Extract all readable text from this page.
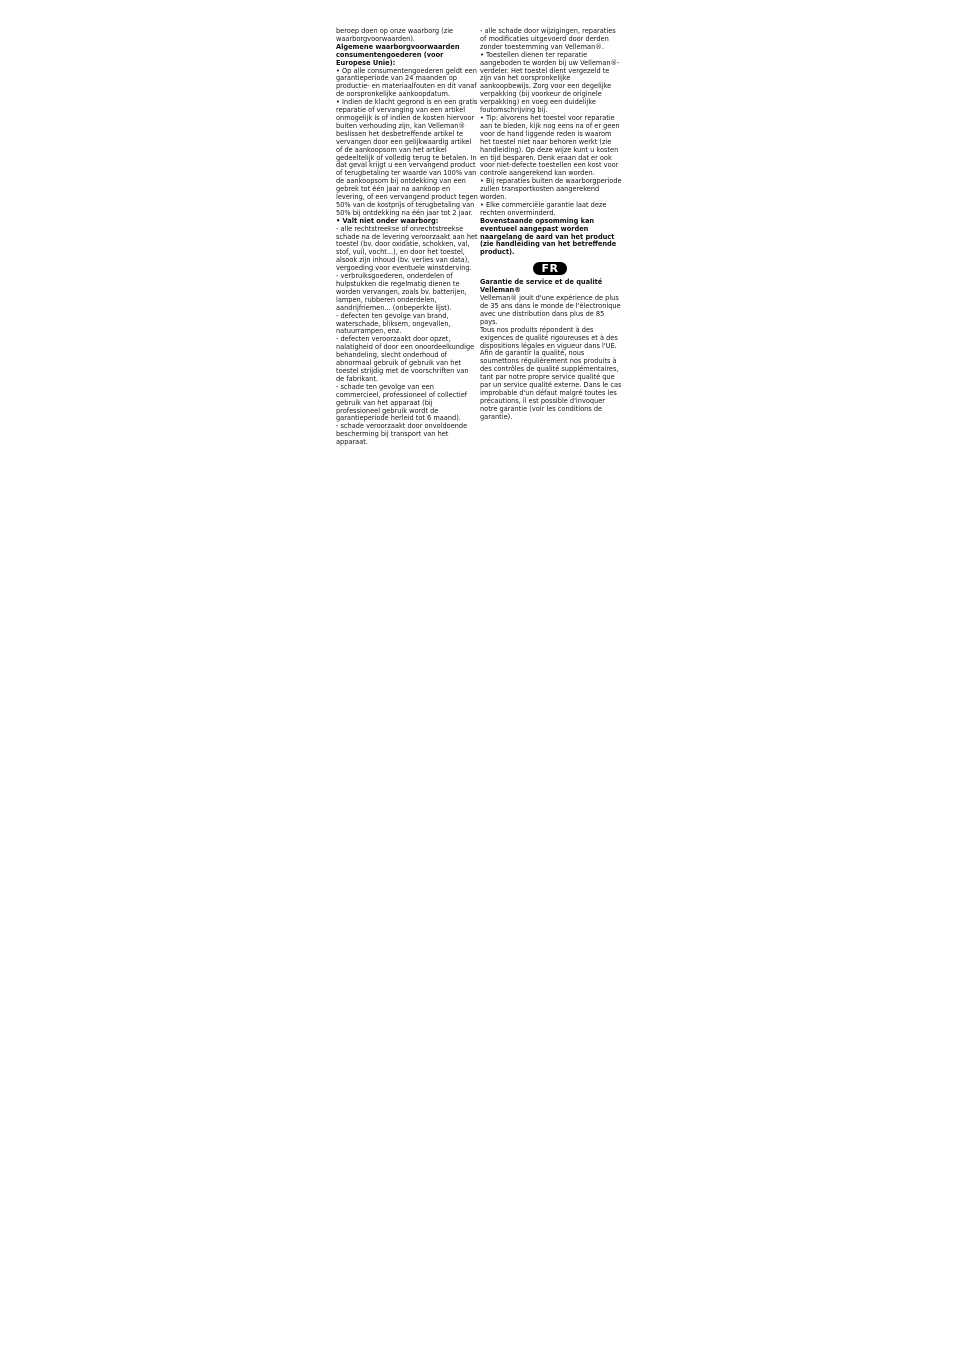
beroep doen op onze waarborg (zie

waarborgvoorwaarden).

Algemene waarborgvoorwaarden

consumentengoederen (voor

Europese Unie):

• Op alle consumentengoederen geldt een

garantieperiode van 24 maanden op

productie- en materiaalfouten en dit vanaf

de oorspronkelijke aankoopdatum.

• Indien de klacht gegrond is en een gratis

reparatie of vervanging van een artikel

onmogelijk is of indien de kosten hiervoor

buiten verhouding zijn, kan Velleman®

beslissen het desbetreffende artikel te

vervangen door een gelijkwaardig artikel

of de aankoopsom van het artikel

gedeeltelijk of volledig terug te betalen. In

dat geval krijgt u een vervangend product

of terugbetaling ter waarde van 100% van

de aankoopsom bij ontdekking van een

gebrek tot één jaar na aankoop en

levering, of een vervangend product tegen

50% van de kostprijs of terugbetaling van

50% bij ontdekking na één jaar tot 2 jaar.

• Valt niet onder waarborg:

- alle rechtstreekse of onrechtstreekse

schade na de levering veroorzaakt aan het

toestel (bv. door oxidatie, schokken, val,

stof, vuil, vocht...), en door het toestel,

alsook zijn inhoud (bv. verlies van data),

vergoeding voor eventuele winstderving.

- verbruiksgoederen, onderdelen of

hulpstukken die regelmatig dienen te

worden vervangen, zoals bv. batterijen,

lampen, rubberen onderdelen,

aandrijfriemen... (onbeperkte lijst).

- defecten ten gevolge van brand,

waterschade, bliksem, ongevallen,

natuurrampen, enz.

- defecten veroorzaakt door opzet,

nalatigheid of door een onoordeelkundige

behandeling, slecht onderhoud of

abnormaal gebruik of gebruik van het

toestel strijdig met de voorschriften van

de fabrikant.

- schade ten gevolge van een

commercieel, professioneel of collectief

gebruik van het apparaat (bij

professioneel gebruik wordt de

garantieperiode herleid tot 6 maand).

- schade veroorzaakt door onvoldoende

bescherming bij transport van het

apparaat.

- alle schade door wijzigingen, reparaties

of modificaties uitgevoerd door derden

zonder toestemming van Velleman®.

• Toestellen dienen ter reparatie

aangeboden te worden bij uw Velleman®-

verdeler. Het toestel dient vergezeld te

zijn van het oorspronkelijke

aankoopbewijs. Zorg voor een degelijke

verpakking (bij voorkeur de originele

verpakking) en voeg een duidelijke

foutomschrijving bij.

• Tip: alvorens het toestel voor reparatie

aan te bieden, kijk nog eens na of er geen

voor de hand liggende reden is waarom

het toestel niet naar behoren werkt (zie

handleiding). Op deze wijze kunt u kosten

en tijd besparen. Denk eraan dat er ook

voor niet-defecte toestellen een kost voor

controle aangerekend kan worden.

• Bij reparaties buiten de waarborgperiode

zullen transportkosten aangerekend

worden.

• Elke commerciële garantie laat deze

rechten onverminderd.

Bovenstaande opsomming kan

eventueel aangepast worden

naargelang de aard van het product

(zie handleiding van het betreffende

product).

FR

Garantie de service et de qualité

Velleman®

Velleman® jouit d'une expérience de plus

de 35 ans dans le monde de l'électronique

avec une distribution dans plus de 85

pays.

Tous nos produits répondent à des

exigences de qualité rigoureuses et à des

dispositions légales en vigueur dans l'UE.

Afin de garantir la qualité, nous

soumettons régulièrement nos produits à

des contrôles de qualité supplémentaires,

tant par notre propre service qualité que

par un service qualité externe. Dans le cas

improbable d'un défaut malgré toutes les

précautions, il est possible d'invoquer

notre garantie (voir les conditions de

garantie).
